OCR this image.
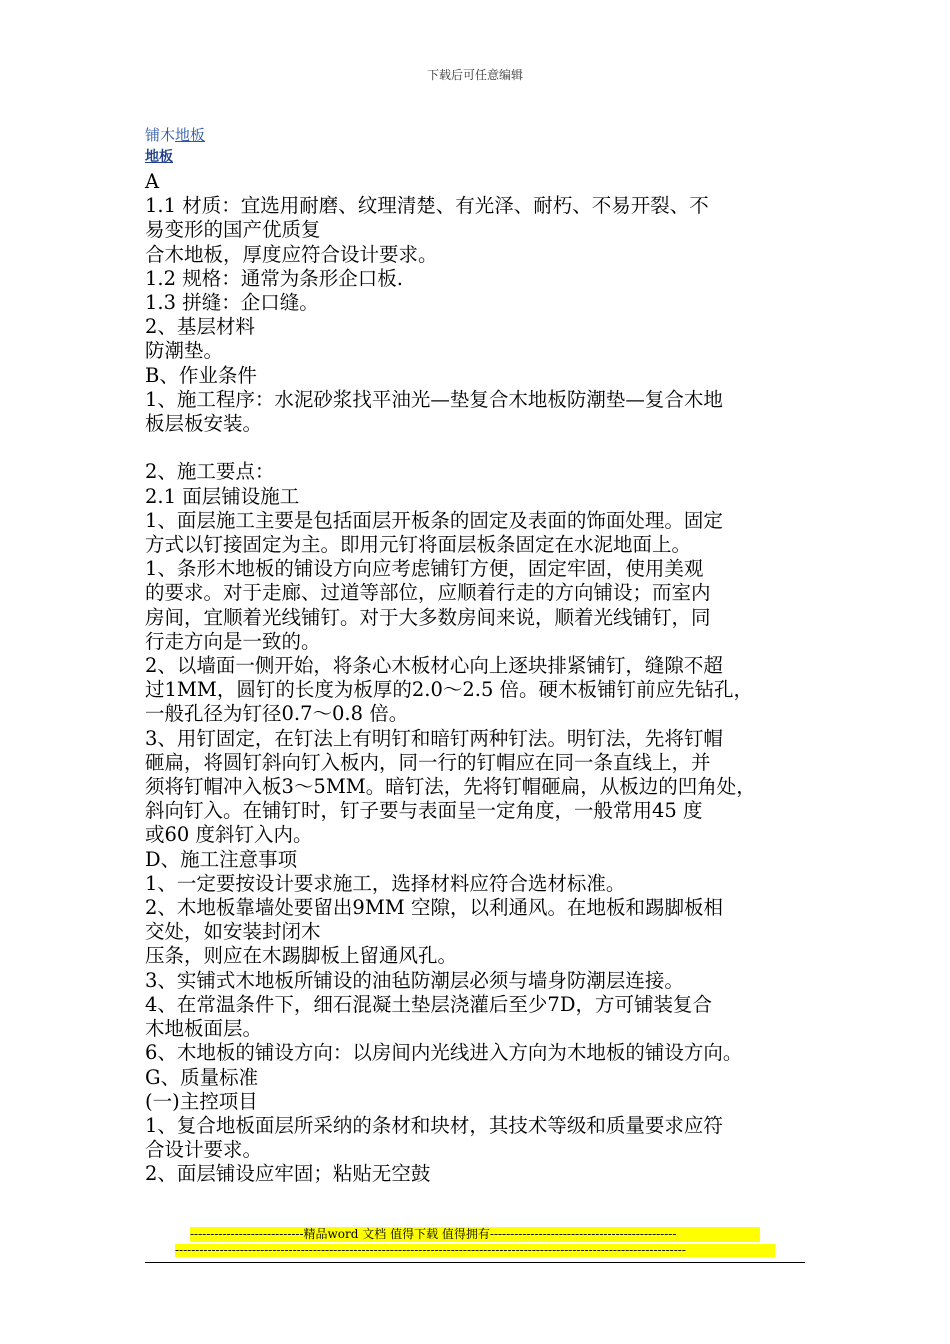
下载后可任意编辑
铺木地板
地板
A
1.1 材质：宜选用耐磨、纹理清楚、有光泽、耐朽、不易开裂、不
易变形的国产优质复
合木地板，厚度应符合设计要求。
1.2 规格：通常为条形企口板.
1.3 拼缝：企口缝。
2、基层材料
防潮垫。
B、作业条件
1、施工程序：水泥砂浆找平油光—垫复合木地板防潮垫—复合木地
板层板安装。
2、施工要点：
2.1 面层铺设施工
1、面层施工主要是包括面层开板条的固定及表面的饰面处理。固定
方式以钉接固定为主。即用元钉将面层板条固定在水泥地面上。
1、条形木地板的铺设方向应考虑铺钉方便，固定牢固，使用美观
的要求。对于走廊、过道等部位，应顺着行走的方向铺设；而室内
房间，宜顺着光线铺钉。对于大多数房间来说，顺着光线铺钉，同
行走方向是一致的。
2、以墙面一侧开始，将条心木板材心向上逐块排紧铺钉，缝隙不超
过1MM，圆钉的长度为板厚的2.0～2.5 倍。硬木板铺钉前应先钻孔，
一般孔径为钉径0.7～0.8 倍。
3、用钉固定，在钉法上有明钉和暗钉两种钉法。明钉法，先将钉帽
砸扁，将圆钉斜向钉入板内，同一行的钉帽应在同一条直线上，并
须将钉帽冲入板3～5MM。暗钉法，先将钉帽砸扁，从板边的凹角处，
斜向钉入。在铺钉时，钉子要与表面呈一定角度，一般常用45 度
或60 度斜钉入内。
D、施工注意事项
1、一定要按设计要求施工，选择材料应符合选材标准。
2、木地板靠墙处要留出9MM 空隙，以利通风。在地板和踢脚板相
交处，如安装封闭木
压条，则应在木踢脚板上留通风孔。
3、实铺式木地板所铺设的油毡防潮层必须与墙身防潮层连接。
4、在常温条件下，细石混凝土垫层浇灌后至少7D，方可铺装复合
木地板面层。
6、木地板的铺设方向：以房间内光线进入方向为木地板的铺设方向。
G、质量标准
(一)主控项目
1、复合地板面层所采纳的条材和块材，其技术等级和质量要求应符
合设计要求。
2、面层铺设应牢固；粘贴无空鼓
----------------------------精品word 文档 值得下载 值得拥有----------------------------------------------
------------------------------------------------------------------------------------------------------------------------------
